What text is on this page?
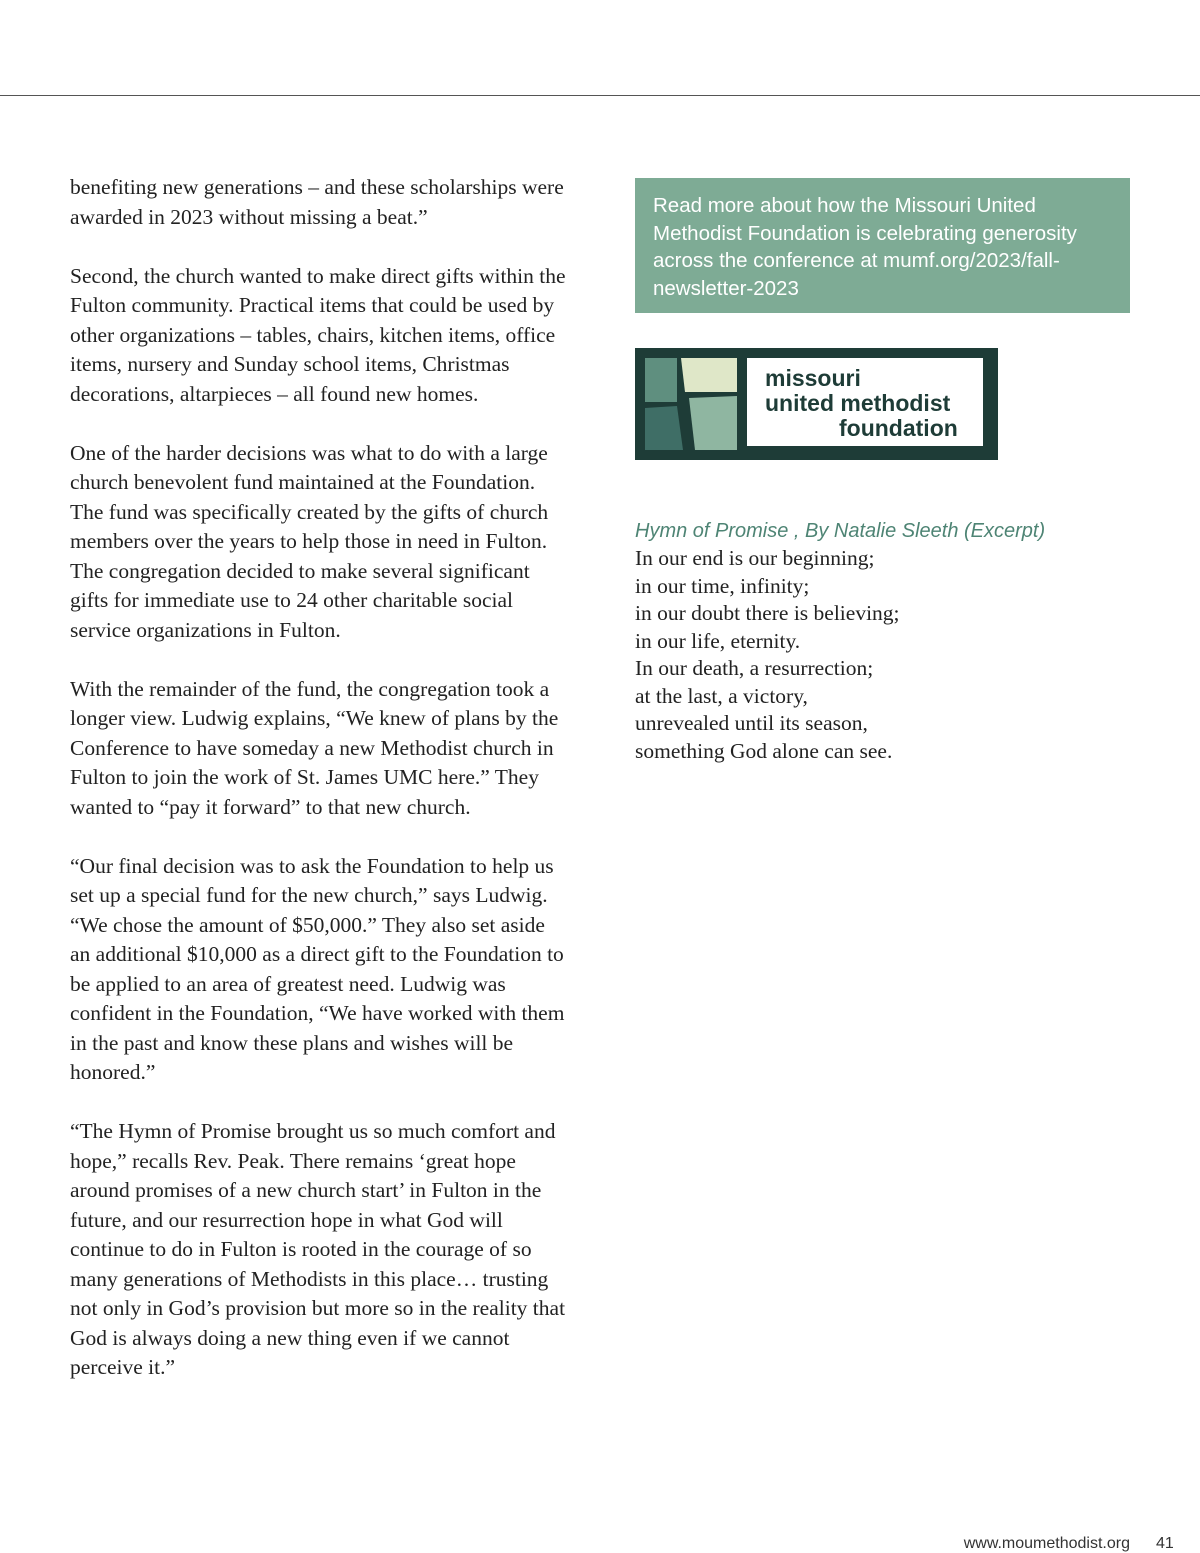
benefiting new generations – and these scholarships were awarded in 2023 without missing a beat.”

Second, the church wanted to make direct gifts within the Fulton community. Practical items that could be used by other organizations – tables, chairs, kitchen items, office items, nursery and Sunday school items, Christmas decorations, altarpieces – all found new homes.

One of the harder decisions was what to do with a large church benevolent fund maintained at the Foundation. The fund was specifically created by the gifts of church members over the years to help those in need in Fulton. The congregation decided to make several significant gifts for immediate use to 24 other charitable social service organizations in Fulton.

With the remainder of the fund, the congregation took a longer view. Ludwig explains, “We knew of plans by the Conference to have someday a new Methodist church in Fulton to join the work of St. James UMC here.” They wanted to “pay it forward” to that new church.

“Our final decision was to ask the Foundation to help us set up a special fund for the new church,” says Ludwig. “We chose the amount of $50,000.” They also set aside an additional $10,000 as a direct gift to the Foundation to be applied to an area of greatest need. Ludwig was confident in the Foundation, “We have worked with them in the past and know these plans and wishes will be honored.”

“The Hymn of Promise brought us so much comfort and hope,” recalls Rev. Peak. There remains ‘great hope around promises of a new church start’ in Fulton in the future, and our resurrection hope in what God will continue to do in Fulton is rooted in the courage of so many generations of Methodists in this place… trusting not only in God’s provision but more so in the reality that God is always doing a new thing even if we cannot perceive it.”

Read more about how the Missouri United Methodist Foundation is celebrating generosity across the conference at mumf.org/2023/fall-newsletter-2023
missouri
united methodist
foundation

Hymn of Promise , By Natalie Sleeth (Excerpt)

In our end is our beginning;

in our time, infinity;

in our doubt there is believing;

in our life, eternity.

In our death, a resurrection;

at the last, a victory,

unrevealed until its season,

something God alone can see.

www.moumethodist.org 41
